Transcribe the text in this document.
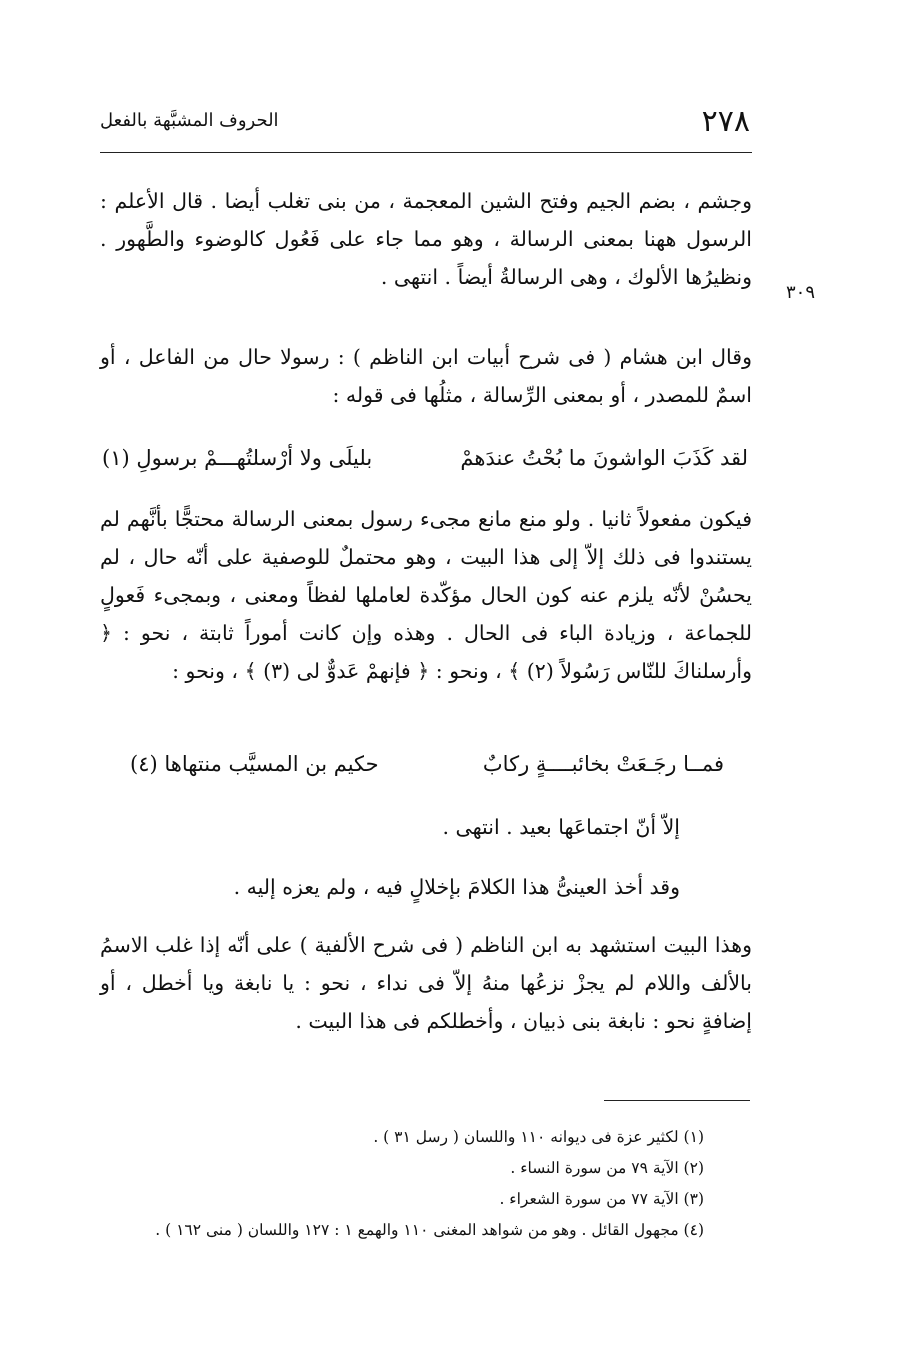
٢٧٨
الحروف المشبَّهة بالفعل
٣٠٩

وجشم ، بضم الجيم وفتح الشين المعجمة ، من بنى تغلب أيضا . قال الأعلم : الرسول ههنا بمعنى الرسالة ، وهو مما جاء على فَعُول كالوضوء والطَّهور . ونظيرُها الألوك ، وهى الرسالةُ أيضاً . انتهى .

وقال ابن هشام ( فى شرح أبيات ابن الناظم ) : رسولا حال من الفاعل ، أو اسمٌ للمصدر ، أو بمعنى الرِّسالة ، مثلُها فى قوله :

لقد كَذَبَ الواشونَ ما بُحْتُ عندَهمْ
بليلَى ولا أرْسلتُهـــمْ برسولِ (١)

فيكون مفعولاً ثانيا . ولو منع مانع مجىء رسول بمعنى الرسالة محتجًّا بأنَّهم لم يستندوا فى ذلك إلاّ إلى هذا البيت ، وهو محتملٌ للوصفية على أنّه حال ، لم يحسُنْ لأنّه يلزم عنه كون الحال مؤكّدة لعاملها لفظاً ومعنى ، وبمجىء فَعولٍ للجماعة ، وزيادة الباء فى الحال . وهذه وإن كانت أموراً ثابتة ، نحو : ﴿ وأرسلناكَ للنّاس رَسُولاً (٢) ﴾ ، ونحو : ﴿ فإنهمْ عَدوٌّ لى (٣) ﴾ ، ونحو :

فمــا رجَـعَتْ بخائبــــةٍ ركابٌ
حكيم بن المسيَّب منتهاها (٤)
إلاّ أنّ اجتماعَها بعيد . انتهى .
وقد أخذ العينىُّ هذا الكلامَ بإخلالٍ فيه ، ولم يعزه إليه .

وهذا البيت استشهد به ابن الناظم ( فى شرح الألفية ) على أنّه إذا غلب الاسمُ بالألف واللام لم يجزْ نزعُها منهُ إلاّ فى نداء ، نحو : يا نابغة ويا أخطل ، أو إضافةٍ نحو : نابغة بنى ذبيان ، وأخطلكم فى هذا البيت .

(١) لكثير عزة فى ديوانه ١١٠ واللسان ( رسل ٣١ ) .
(٢) الآية ٧٩ من سورة النساء .
(٣) الآية ٧٧ من سورة الشعراء .
(٤) مجهول القائل . وهو من شواهد المغنى ١١٠ والهمع ١ : ١٢٧ واللسان ( منى ١٦٢ ) .
